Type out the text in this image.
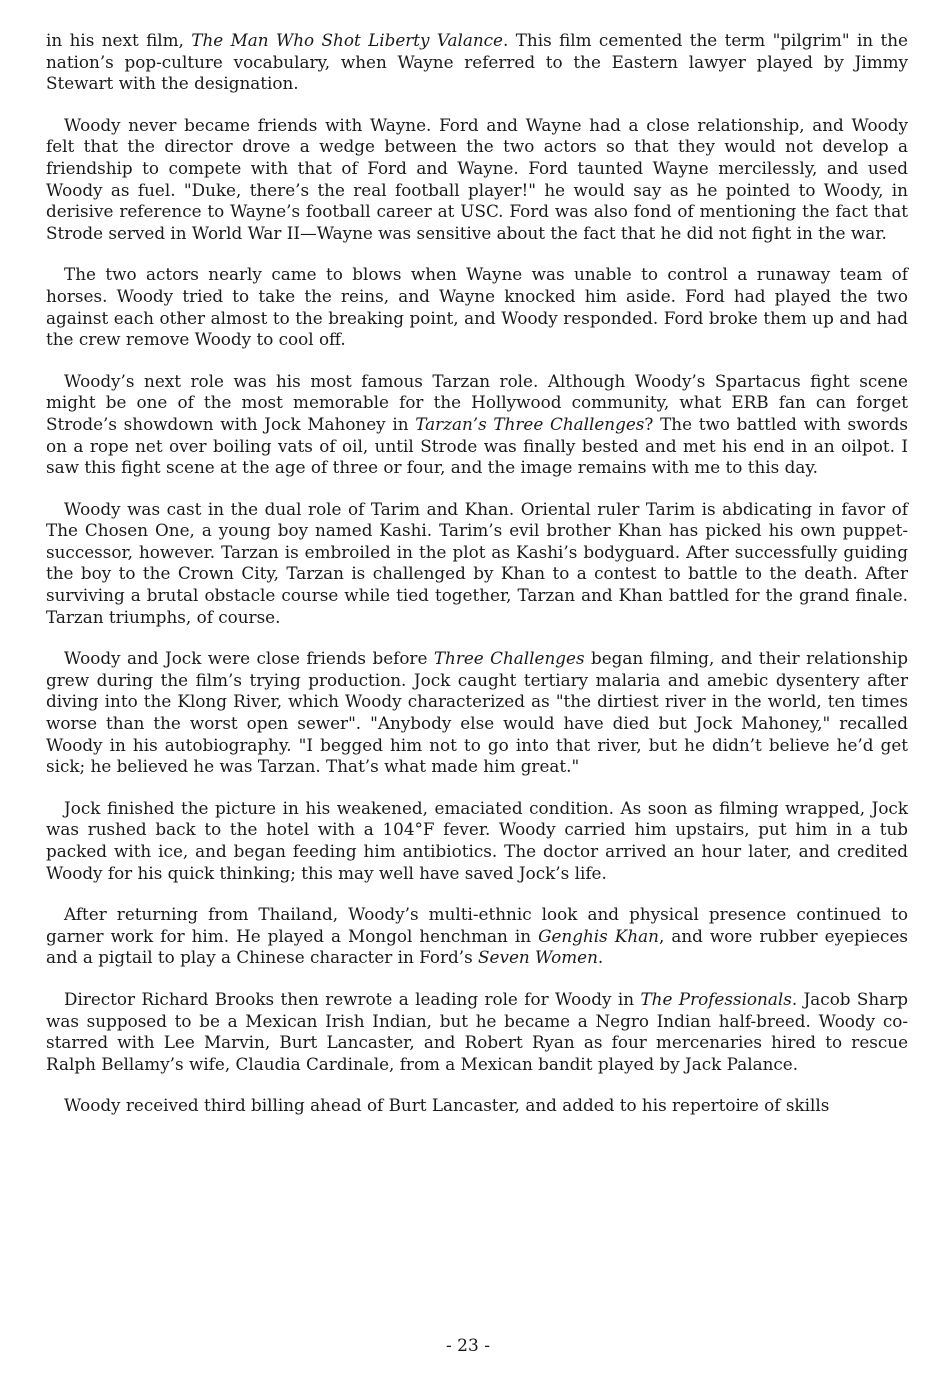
in his next film, The Man Who Shot Liberty Valance. This film cemented the term "pilgrim" in the nation’s pop-culture vocabulary, when Wayne referred to the Eastern lawyer played by Jimmy Stewart with the designation.

Woody never became friends with Wayne. Ford and Wayne had a close relationship, and Woody felt that the director drove a wedge between the two actors so that they would not develop a friendship to compete with that of Ford and Wayne. Ford taunted Wayne mercilessly, and used Woody as fuel. "Duke, there’s the real football player!" he would say as he pointed to Woody, in derisive reference to Wayne’s football career at USC. Ford was also fond of mentioning the fact that Strode served in World War II—Wayne was sensitive about the fact that he did not fight in the war.

The two actors nearly came to blows when Wayne was unable to control a runaway team of horses. Woody tried to take the reins, and Wayne knocked him aside. Ford had played the two against each other almost to the breaking point, and Woody responded. Ford broke them up and had the crew remove Woody to cool off.

Woody’s next role was his most famous Tarzan role. Although Woody’s Spartacus fight scene might be one of the most memorable for the Hollywood community, what ERB fan can forget Strode’s showdown with Jock Mahoney in Tarzan’s Three Challenges? The two battled with swords on a rope net over boiling vats of oil, until Strode was finally bested and met his end in an oilpot. I saw this fight scene at the age of three or four, and the image remains with me to this day.

Woody was cast in the dual role of Tarim and Khan. Oriental ruler Tarim is abdicating in favor of The Chosen One, a young boy named Kashi. Tarim’s evil brother Khan has picked his own puppet-successor, however. Tarzan is embroiled in the plot as Kashi’s bodyguard. After successfully guiding the boy to the Crown City, Tarzan is challenged by Khan to a contest to battle to the death. After surviving a brutal obstacle course while tied together, Tarzan and Khan battled for the grand finale. Tarzan triumphs, of course.

Woody and Jock were close friends before Three Challenges began filming, and their relationship grew during the film’s trying production. Jock caught tertiary malaria and amebic dysentery after diving into the Klong River, which Woody characterized as "the dirtiest river in the world, ten times worse than the worst open sewer". "Anybody else would have died but Jock Mahoney," recalled Woody in his autobiography. "I begged him not to go into that river, but he didn’t believe he’d get sick; he believed he was Tarzan. That’s what made him great."

Jock finished the picture in his weakened, emaciated condition. As soon as filming wrapped, Jock was rushed back to the hotel with a 104°F fever. Woody carried him upstairs, put him in a tub packed with ice, and began feeding him antibiotics. The doctor arrived an hour later, and credited Woody for his quick thinking; this may well have saved Jock’s life.

After returning from Thailand, Woody’s multi-ethnic look and physical presence continued to garner work for him. He played a Mongol henchman in Genghis Khan, and wore rubber eyepieces and a pigtail to play a Chinese character in Ford’s Seven Women.

Director Richard Brooks then rewrote a leading role for Woody in The Professionals. Jacob Sharp was supposed to be a Mexican Irish Indian, but he became a Negro Indian half-breed. Woody co-starred with Lee Marvin, Burt Lancaster, and Robert Ryan as four mercenaries hired to rescue Ralph Bellamy’s wife, Claudia Cardinale, from a Mexican bandit played by Jack Palance.

Woody received third billing ahead of Burt Lancaster, and added to his repertoire of skills

- 23 -
